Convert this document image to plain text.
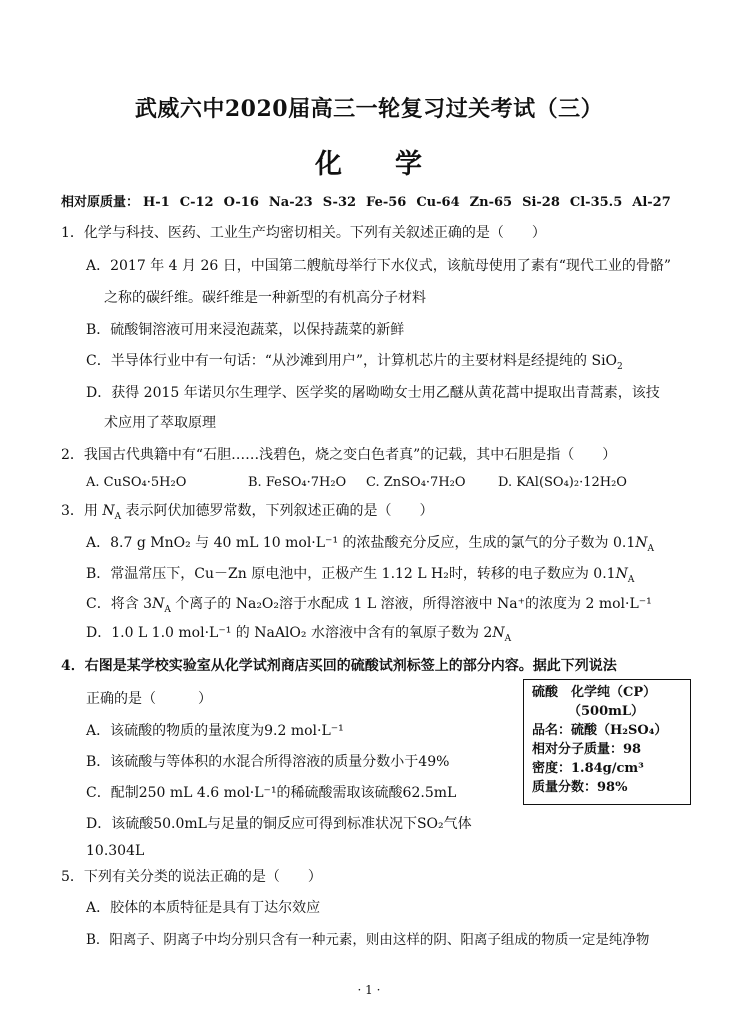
武威六中2020届高三一轮复习过关考试（三）
化 学
相对原质量： H-1 C-12 O-16 Na-23 S-32 Fe-56 Cu-64 Zn-65 Si-28 Cl-35.5 Al-27
1．化学与科技、医药、工业生产均密切相关。下列有关叙述正确的是（　　）
A．2017 年 4 月 26 日，中国第二艘航母举行下水仪式，该航母使用了素有“现代工业的骨骼”
之称的碳纤维。碳纤维是一种新型的有机高分子材料
B．硫酸铜溶液可用来浸泡蔬菜，以保持蔬菜的新鲜
C．半导体行业中有一句话：“从沙滩到用户”，计算机芯片的主要材料是经提纯的 SiO$_2$
D．获得 2015 年诺贝尔生理学、医学奖的屠呦呦女士用乙醚从黄花蒿中提取出青蒿素，该技
术应用了萃取原理
2．我国古代典籍中有“石胆……浅碧色，烧之变白色者真”的记载，其中石胆是指（　　）
A. CuSO₄·5H₂O	B. FeSO₄·7H₂O C. ZnSO₄·7H₂O D. KAl(SO₄)₂·12H₂O
3．用 $N_A$ 表示阿伏加德罗常数，下列叙述正确的是（　　）
A．8.7 g MnO₂ 与 40 mL 10 mol·L⁻¹ 的浓盐酸充分反应，生成的氯气的分子数为 $0.1N_A$
B．常温常压下，Cu－Zn 原电池中，正极产生 1.12 L H₂时，转移的电子数应为 $0.1N_A$
C．将含 $3N_A$ 个离子的 Na₂O₂溶于水配成 1 L 溶液，所得溶液中 Na⁺的浓度为 2 mol·L⁻¹
D．1.0 L 1.0 mol·L⁻¹ 的 NaAlO₂ 水溶液中含有的氧原子数为 $2N_A$
4．右图是某学校实验室从化学试剂商店买回的硫酸试剂标签上的部分内容。据此下列说法
正确的是（　　　）
A．该硫酸的物质的量浓度为9.2 mol·L⁻¹
B．该硫酸与等体积的水混合所得溶液的质量分数小于49%
C．配制250 mL 4.6 mol·L⁻¹的稀硫酸需取该硫酸62.5mL
D．该硫酸50.0mL与足量的铜反应可得到标准状况下SO₂气体
10.304L
硫酸　化学纯（CP）
（500mL）
品名：硫酸（H₂SO₄）
相对分子质量：98
密度：1.84g/cm³
质量分数：98%
5．下列有关分类的说法正确的是（　　）
A．胶体的本质特征是具有丁达尔效应
B．阳离子、阴离子中均分别只含有一种元素，则由这样的阴、阳离子组成的物质一定是纯净物
· 1 ·
